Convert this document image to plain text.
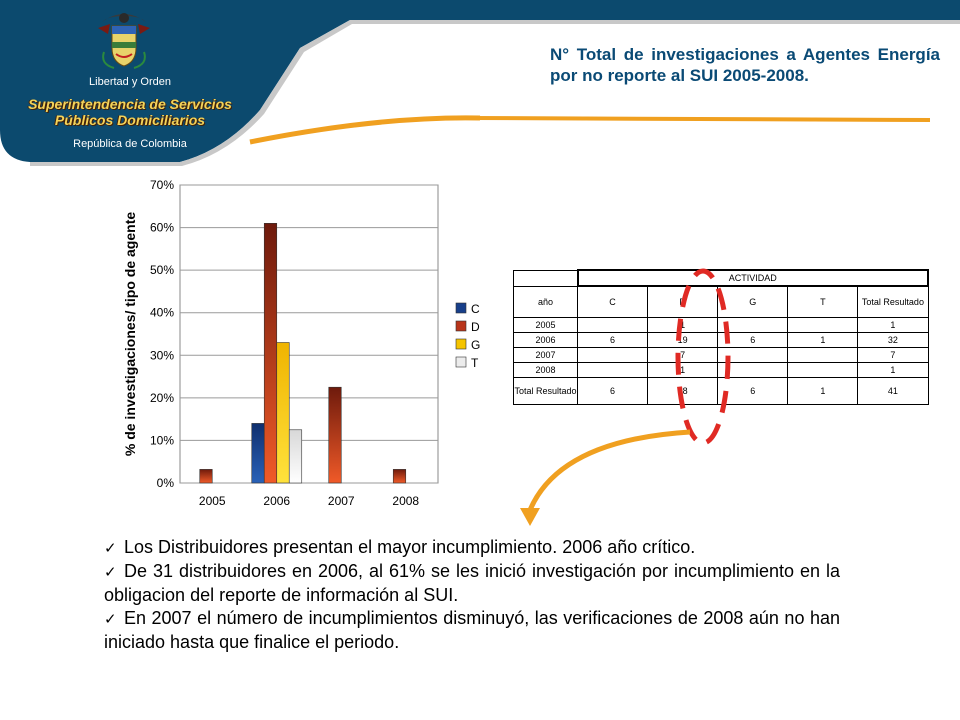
Libertad y Orden
Superintendencia de Servicios
Públicos Domiciliarios
República de Colombia

N° Total de investigaciones a Agentes Energía por no reporte al SUI 2005-2008.

0%
10%
20%
30%
40%
50%
60%
70%
2005	2006	2007	2008
C
D
G
T
% de investigaciones/ tipo de agente
		ACTIVIDAD				
año	C	D	G	T	Total Resultado
2005		1			1
2006	6	19	6	1	32
2007		7			7
2008		1			1
Total Resultado	6	28	6	1	41
✓ Los Distribuidores presentan el mayor incumplimiento. 2006 año crítico.
✓ De 31 distribuidores en 2006, al 61% se les inició investigación por incumplimiento en la obligacion del reporte de información al SUI.
✓ En 2007 el número de incumplimientos disminuyó, las verificaciones de 2008 aún no han iniciado hasta que finalice el periodo.
